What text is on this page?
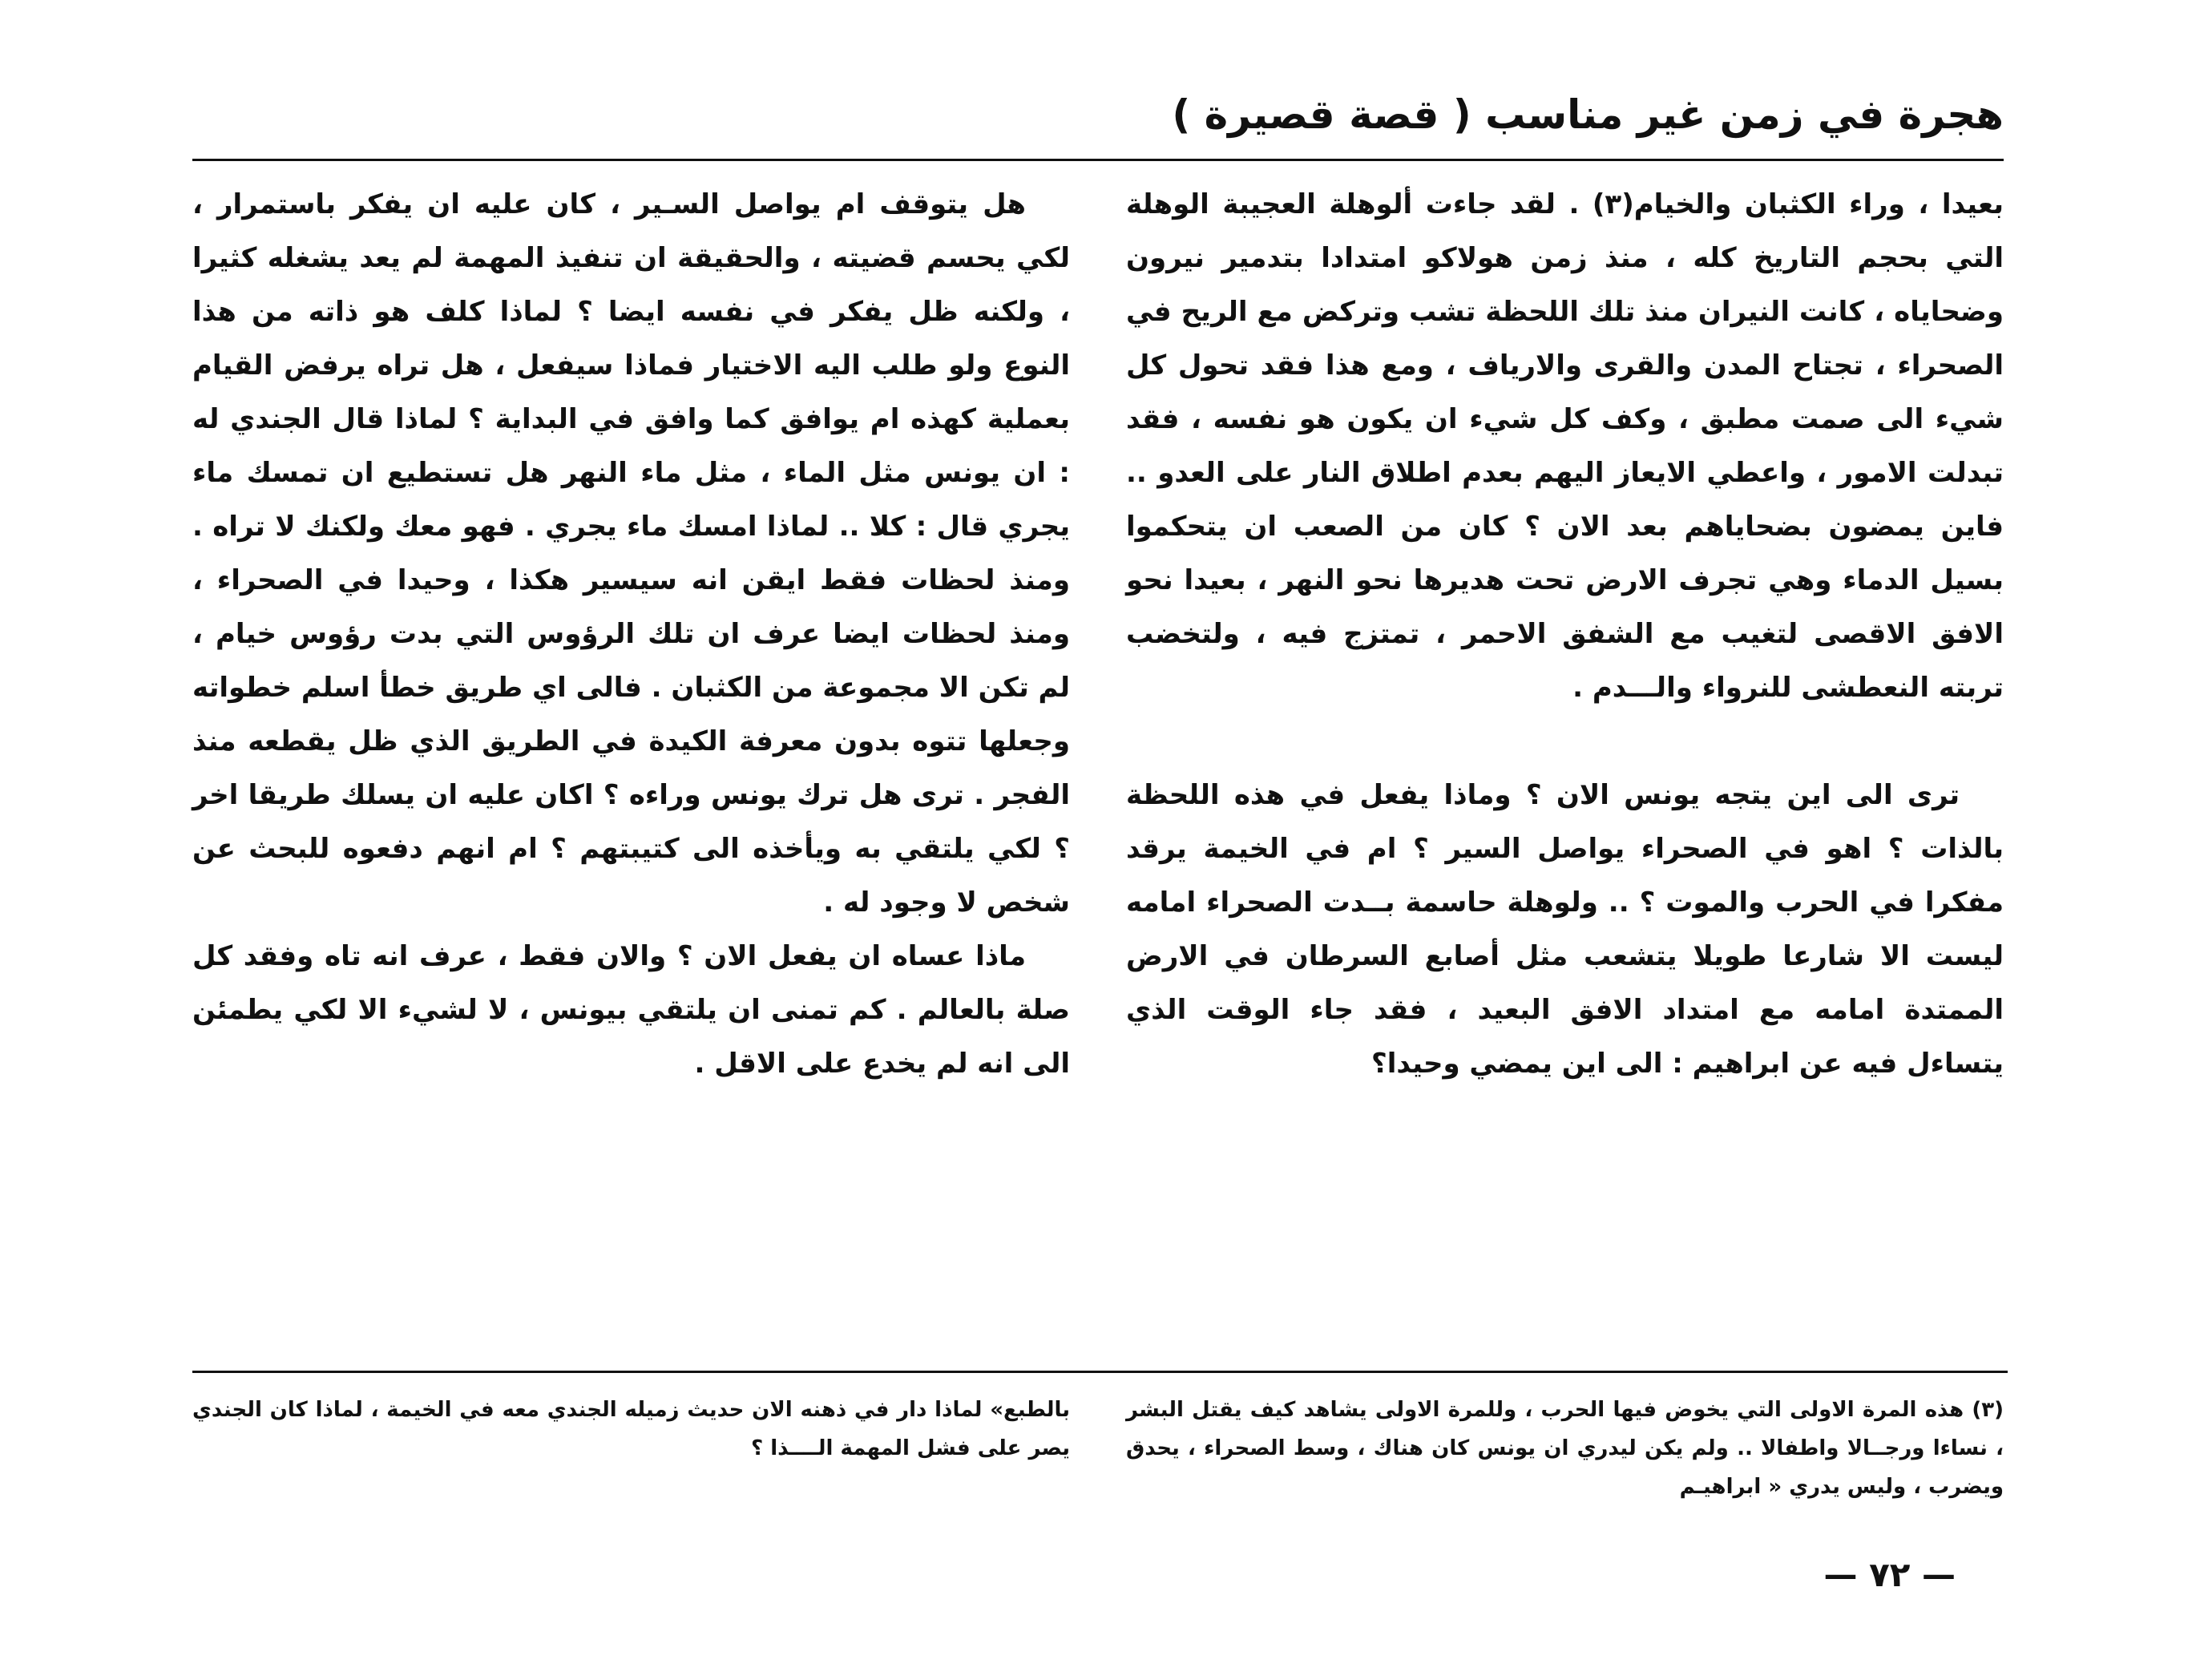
هجرة في زمن غير مناسب ( قصة قصيرة )

بعيدا ، وراء الكثبان والخيام(٣) . لقد جاءت ألوهلة العجيبة الوهلة التي بحجم التاريخ كله ، منذ زمن هولاكو امتدادا بتدمير نيرون وضحاياه ، كانت النيران منذ تلك اللحظة تشب وتركض مع الريح في الصحراء ، تجتاح المدن والقرى والارياف ، ومع هذا فقد تحول كل شيء الى صمت مطبق ، وكف كل شيء ان يكون هو نفسه ، فقد تبدلت الامور ، واعطي الايعاز اليهم بعدم اطلاق النار على العدو .. فاين يمضون بضحاياهم بعد الان ؟ كان من الصعب ان يتحكموا بسيل الدماء وهي تجرف الارض تحت هديرها نحو النهر ، بعيدا نحو الافق الاقصى لتغيب مع الشفق الاحمر ، تمتزج فيه ، ولتخضب تربته النعطشى للنرواء والـــدم .

ترى الى اين يتجه يونس الان ؟ وماذا يفعل في هذه اللحظة بالذات ؟ اهو في الصحراء يواصل السير ؟ ام في الخيمة يرقد مفكرا في الحرب والموت ؟ .. ولوهلة حاسمة بــدت الصحراء امامه ليست الا شارعا طويلا يتشعب مثل أصابع السرطان في الارض الممتدة امامه مع امتداد الافق البعيد ، فقد جاء الوقت الذي يتساءل فيه عن ابراهيم : الى اين يمضي وحيدا؟

هل يتوقف ام يواصل السـير ، كان عليه ان يفكر باستمرار ، لكي يحسم قضيته ، والحقيقة ان تنفيذ المهمة لم يعد يشغله كثيرا ، ولكنه ظل يفكر في نفسه ايضا ؟ لماذا كلف هو ذاته من هذا النوع ولو طلب اليه الاختيار فماذا سيفعل ، هل تراه يرفض القيام بعملية كهذه ام يوافق كما وافق في البداية ؟ لماذا قال الجندي له : ان يونس مثل الماء ، مثل ماء النهر هل تستطيع ان تمسك ماء يجري قال : كلا .. لماذا امسك ماء يجري . فهو معك ولكنك لا تراه . ومنذ لحظات فقط ايقن انه سيسير هكذا ، وحيدا في الصحراء ، ومنذ لحظات ايضا عرف ان تلك الرؤوس التي بدت رؤوس خيام ، لم تكن الا مجموعة من الكثبان . فالى اي طريق خطأ اسلم خطواته وجعلها تتوه بدون معرفة الكيدة في الطريق الذي ظل يقطعه منذ الفجر . ترى هل ترك يونس وراءه ؟ اكان عليه ان يسلك طريقا اخر ؟ لكي يلتقي به ويأخذه الى كتيبتهم ؟ ام انهم دفعوه للبحث عن شخص لا وجود له .

ماذا عساه ان يفعل الان ؟ والان فقط ، عرف انه تاه وفقد كل صلة بالعالم . كم تمنى ان يلتقي بيونس ، لا لشيء الا لكي يطمئن الى انه لم يخدع على الاقل .

(٣) هذه المرة الاولى التي يخوض فيها الحرب ، وللمرة الاولى يشاهد كيف يقتل البشر ، نساءا ورجــالا واطفالا .. ولم يكن ليدري ان يونس كان هناك ، وسط الصحراء ، يحدق ويضرب ، وليس يدري « ابراهيـم
بالطبع» لماذا دار في ذهنه الان حديث زميله الجندي معه في الخيمة ، لماذا كان الجندي يصر على فشل المهمة الــــذا ؟
— ٧٢ —
